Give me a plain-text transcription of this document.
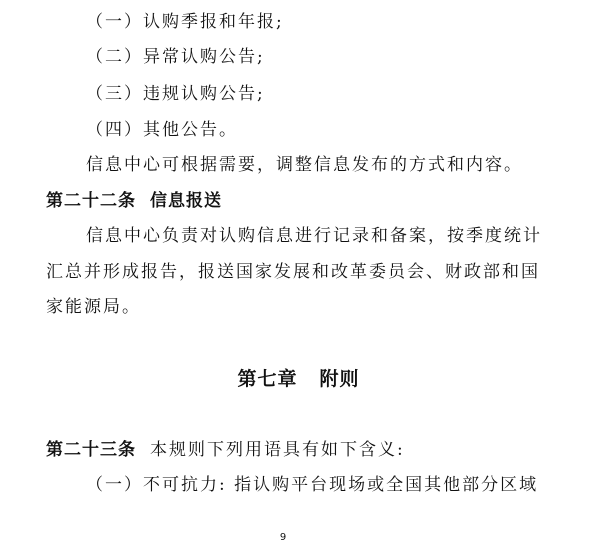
（一）认购季报和年报;
（二）异常认购公告;
（三）违规认购公告;
（四）其他公告。
信息中心可根据需要，调整信息发布的方式和内容。
第二十二条 信息报送
信息中心负责对认购信息进行记录和备案，按季度统计
汇总并形成报告，报送国家发展和改革委员会、财政部和国
家能源局。
第七章 附则
第二十三条 本规则下列用语具有如下含义:
（一）不可抗力: 指认购平台现场或全国其他部分区域
9
